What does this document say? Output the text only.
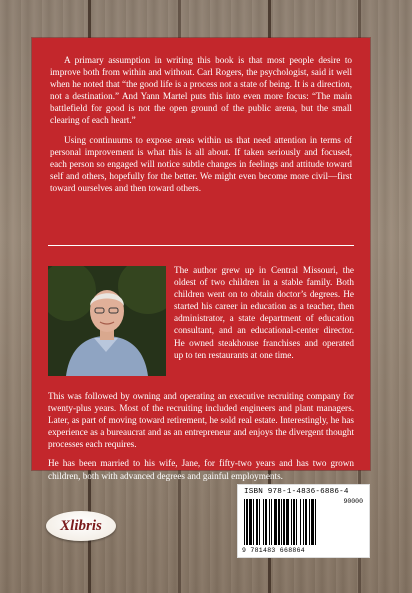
A primary assumption in writing this book is that most people desire to improve both from within and without. Carl Rogers, the psychologist, said it well when he noted that “the good life is a process not a state of being. It is a direction, not a destination.” And Yann Martel puts this into even more focus: “The main battlefield for good is not the open ground of the public arena, but the small clearing of each heart.”

Using continuums to expose areas within us that need attention in terms of personal improvement is what this is all about. If taken seriously and focused, each person so engaged will notice subtle changes in feelings and attitude toward self and others, hopefully for the better. We might even become more civil—first toward ourselves and then toward others.

The author grew up in Central Missouri, the oldest of two children in a stable family. Both children went on to obtain doctor’s degrees. He started his career in education as a teacher, then administrator, a state department of education consultant, and an educational-center director. He owned steakhouse franchises and operated up to ten restaurants at one time.

This was followed by owning and operating an executive recruiting company for twenty-plus years. Most of the recruiting included engineers and plant managers. Later, as part of moving toward retirement, he sold real estate. Interestingly, he has experience as a bureaucrat and as an entrepreneur and enjoys the divergent thought processes each requires.

He has been married to his wife, Jane, for fifty-two years and has two grown children, both with advanced degrees and gainful employments.

Xlibris
ISBN 978-1-4836-6886-4
90000
9 781483 668864
